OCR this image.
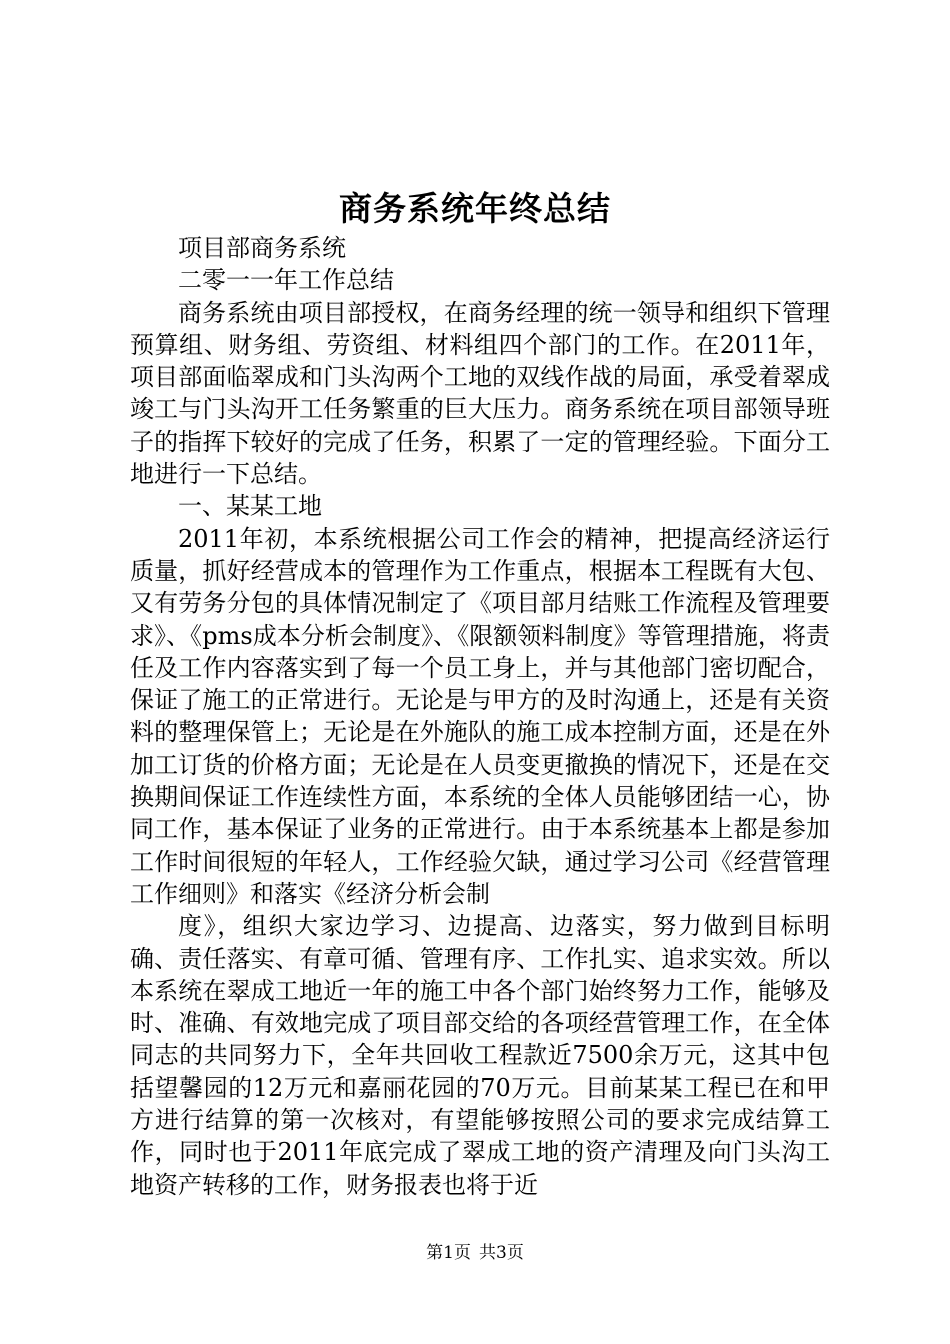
商务系统年终总结

项目部商务系统

二零一一年工作总结

商务系统由项目部授权，在商务经理的统一领导和组织下管理预算组、财务组、劳资组、材料组四个部门的工作。在2011年，项目部面临翠成和门头沟两个工地的双线作战的局面，承受着翠成竣工与门头沟开工任务繁重的巨大压力。商务系统在项目部领导班子的指挥下较好的完成了任务，积累了一定的管理经验。下面分工地进行一下总结。

一、某某工地

2011年初，本系统根据公司工作会的精神，把提高经济运行质量，抓好经营成本的管理作为工作重点，根据本工程既有大包、又有劳务分包的具体情况制定了《项目部月结账工作流程及管理要求》、《pms成本分析会制度》、《限额领料制度》等管理措施，将责任及工作内容落实到了每一个员工身上，并与其他部门密切配合，保证了施工的正常进行。无论是与甲方的及时沟通上，还是有关资料的整理保管上；无论是在外施队的施工成本控制方面，还是在外加工订货的价格方面；无论是在人员变更撤换的情况下，还是在交换期间保证工作连续性方面，本系统的全体人员能够团结一心，协同工作，基本保证了业务的正常进行。由于本系统基本上都是参加工作时间很短的年轻人，工作经验欠缺，通过学习公司《经营管理工作细则》和落实《经济分析会制

度》，组织大家边学习、边提高、边落实，努力做到目标明确、责任落实、有章可循、管理有序、工作扎实、追求实效。所以本系统在翠成工地近一年的施工中各个部门始终努力工作，能够及时、准确、有效地完成了项目部交给的各项经营管理工作，在全体同志的共同努力下，全年共回收工程款近7500余万元，这其中包括望馨园的12万元和嘉丽花园的70万元。目前某某工程已在和甲方进行结算的第一次核对，有望能够按照公司的要求完成结算工作，同时也于2011年底完成了翠成工地的资产清理及向门头沟工地资产转移的工作，财务报表也将于近

第1页 共3页
